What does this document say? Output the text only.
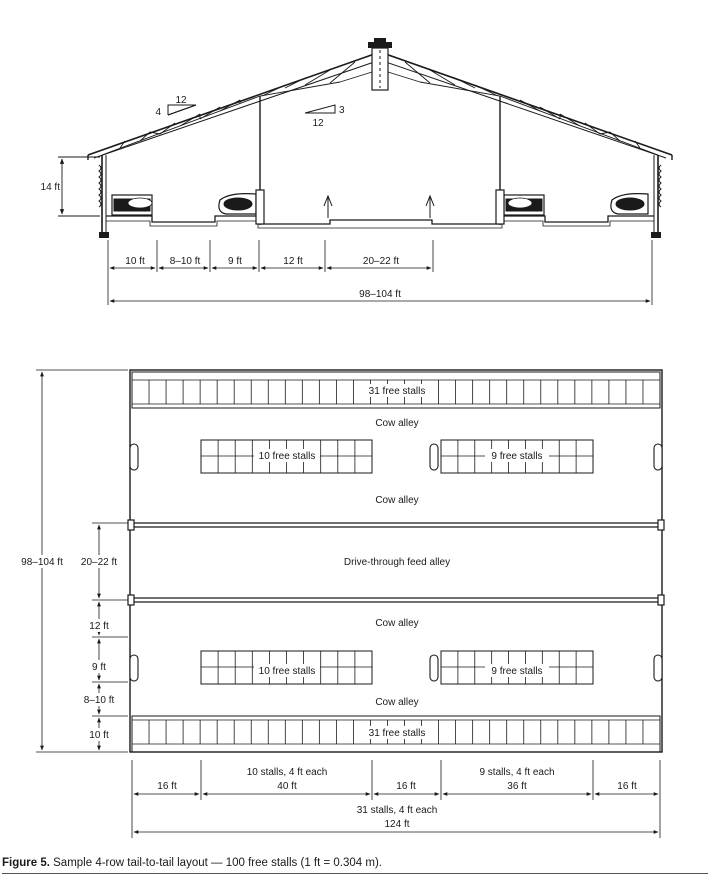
4
12
3
12
14 ft
10 ft 8–10 ft	9 ft	12 ft	20–22 ft
98–104 ft
31 free stalls
31 free stalls
10 free stalls	9 free stalls
10 free stalls	9 free stalls
Cow alley
Cow alley
Drive-through feed alley
Cow alley
Cow alley
98–104 ft 20–22 ft
12 ft
9 ft
8–10 ft
10 ft
16 ft
10 stalls, 4 ft each
40 ft	16 ft
9 stalls, 4 ft each
36 ft	16 ft
31 stalls, 4 ft each
124 ft
Figure 5. Sample 4-row tail-to-tail layout — 100 free stalls (1 ft = 0.304 m).
